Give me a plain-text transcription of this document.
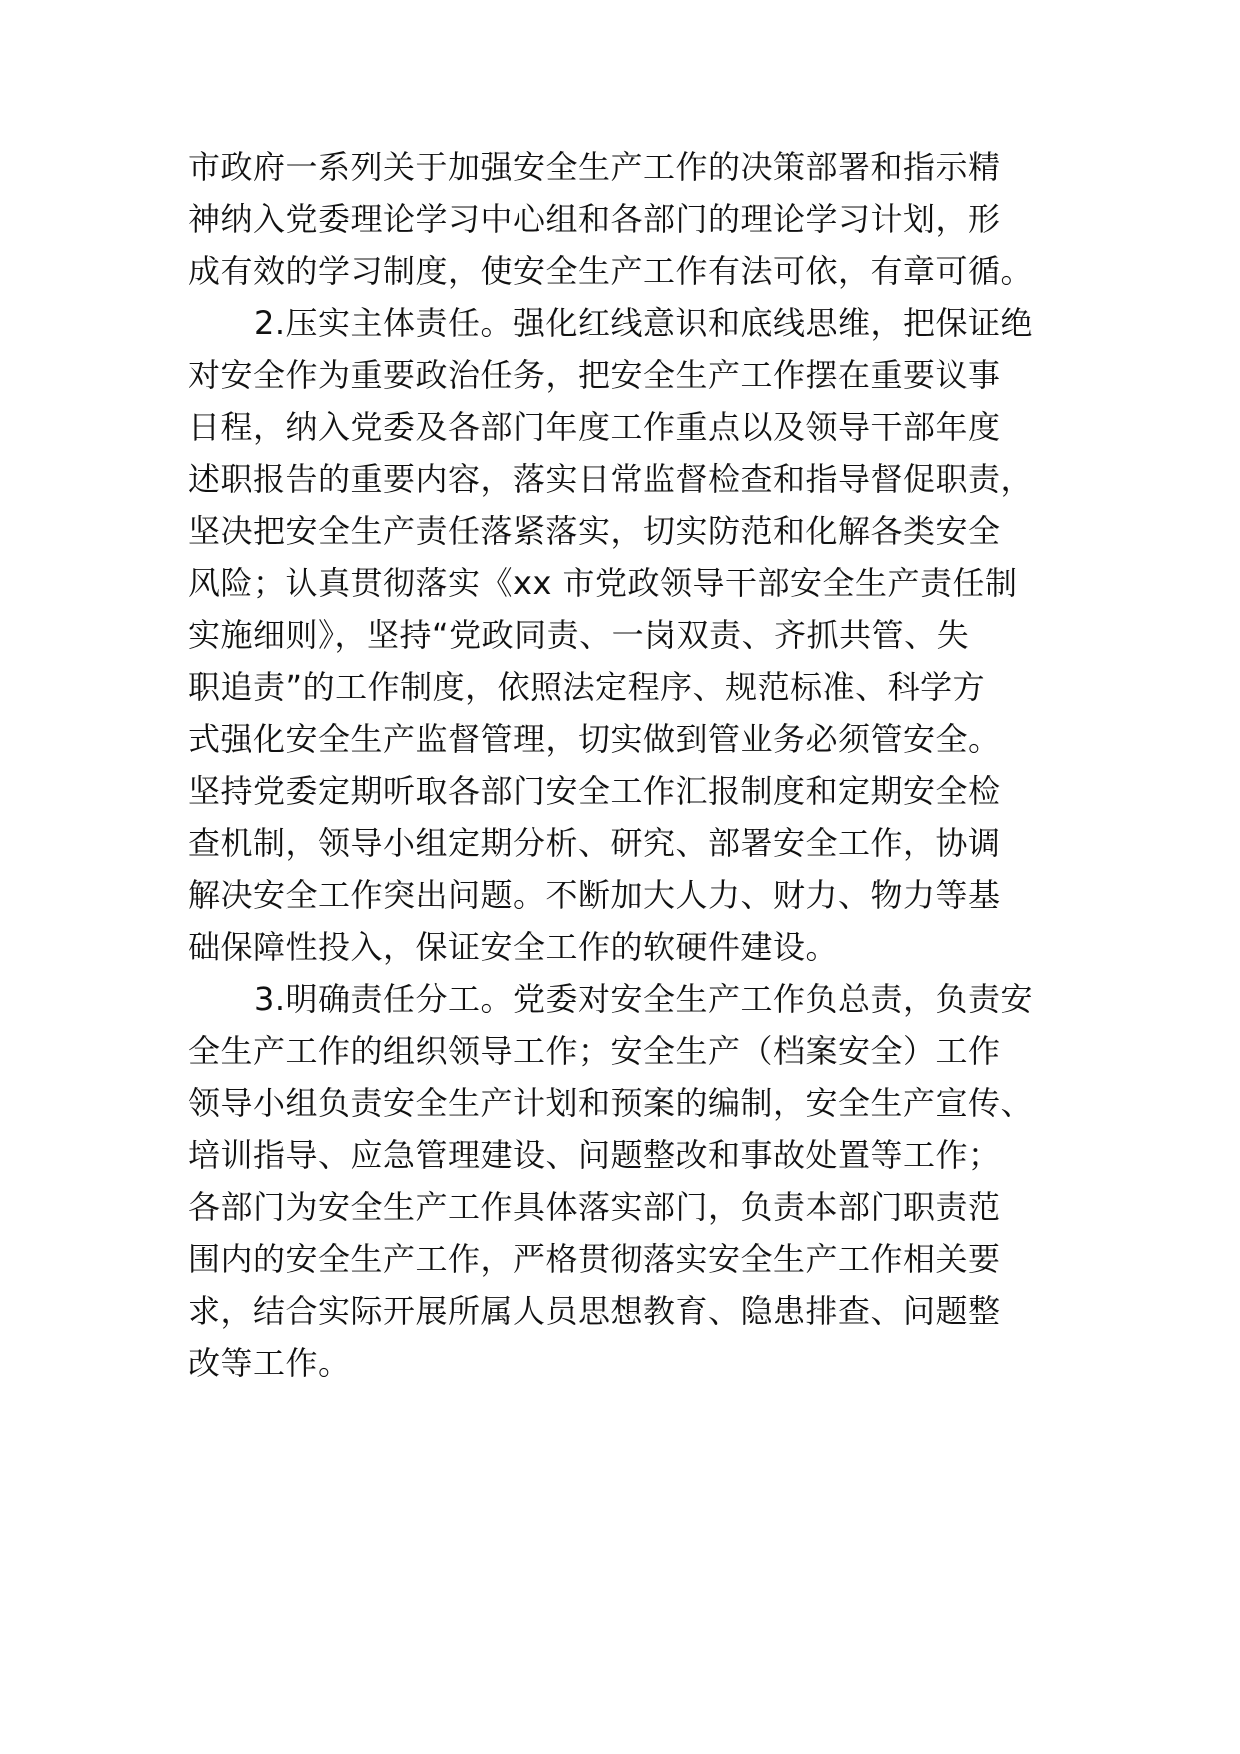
市政府一系列关于加强安全生产工作的决策部署和指示精
神纳入党委理论学习中心组和各部门的理论学习计划，形
成有效的学习制度，使安全生产工作有法可依，有章可循。
2.压实主体责任。强化红线意识和底线思维，把保证绝
对安全作为重要政治任务，把安全生产工作摆在重要议事
日程，纳入党委及各部门年度工作重点以及领导干部年度
述职报告的重要内容，落实日常监督检查和指导督促职责，
坚决把安全生产责任落紧落实，切实防范和化解各类安全
风险；认真贯彻落实《xx 市党政领导干部安全生产责任制
实施细则》，坚持“党政同责、一岗双责、齐抓共管、失
职追责”的工作制度，依照法定程序、规范标准、科学方
式强化安全生产监督管理，切实做到管业务必须管安全。
坚持党委定期听取各部门安全工作汇报制度和定期安全检
查机制，领导小组定期分析、研究、部署安全工作，协调
解决安全工作突出问题。不断加大人力、财力、物力等基
础保障性投入，保证安全工作的软硬件建设。
3.明确责任分工。党委对安全生产工作负总责，负责安
全生产工作的组织领导工作；安全生产（档案安全）工作
领导小组负责安全生产计划和预案的编制，安全生产宣传、
培训指导、应急管理建设、问题整改和事故处置等工作；
各部门为安全生产工作具体落实部门，负责本部门职责范
围内的安全生产工作，严格贯彻落实安全生产工作相关要
求，结合实际开展所属人员思想教育、隐患排查、问题整
改等工作。
